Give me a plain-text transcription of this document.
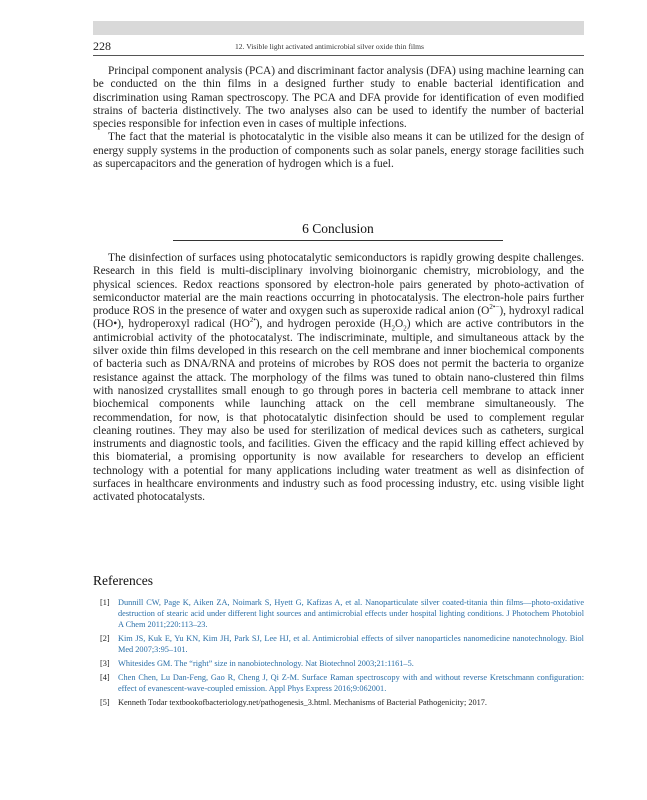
228	12. Visible light activated antimicrobial silver oxide thin films

Principal component analysis (PCA) and discriminant factor analysis (DFA) using machine learning can be conducted on the thin films in a designed further study to enable bacterial identification and discrimination using Raman spectroscopy. The PCA and DFA provide for identification of even modified strains of bacteria distinctively. The two analyses also can be used to identify the number of bacterial species responsible for infection even in cases of multiple infections.

The fact that the material is photocatalytic in the visible also means it can be utilized for the design of energy supply systems in the production of components such as solar panels, energy storage facilities such as supercapacitors and the generation of hydrogen which is a fuel.

6 Conclusion

The disinfection of surfaces using photocatalytic semiconductors is rapidly growing despite challenges. Research in this field is multi-disciplinary involving bioinorganic chemistry, microbiology, and the physical sciences. Redox reactions sponsored by electron-hole pairs generated by photo-activation of semiconductor material are the main reactions occurring in photocatalysis. The electron-hole pairs further produce ROS in the presence of water and oxygen such as superoxide radical anion $(O^{2•-})$, hydroxyl radical (HO•), hydroperoxyl radical $(HO^{2•})$, and hydrogen peroxide $(H_2O_2)$ which are active contributors in the antimicrobial activity of the photocatalyst. The indiscriminate, multiple, and simultaneous attack by the silver oxide thin films developed in this research on the cell membrane and inner biochemical components of bacteria such as DNA/RNA and proteins of microbes by ROS does not permit the bacteria to organize resistance against the attack. The morphology of the films was tuned to obtain nano-clustered thin films with nanosized crystallites small enough to go through pores in bacteria cell membrane to attack inner biochemical components while launching attack on the cell membrane simultaneously. The recommendation, for now, is that photocatalytic disinfection should be used to complement regular cleaning routines. They may also be used for sterilization of medical devices such as catheters, surgical instruments and diagnostic tools, and facilities. Given the efficacy and the rapid killing effect achieved by this biomaterial, a promising opportunity is now available for researchers to develop an efficient technology with a potential for many applications including water treatment as well as disinfection of surfaces in healthcare environments and industry such as food processing industry, etc. using visible light activated photocatalysts.

References
[1]	Dunnill CW, Page K, Aiken ZA, Noimark S, Hyett G, Kafizas A, et al. Nanoparticulate silver coated-titania thin films—photo-oxidative destruction of stearic acid under different light sources and antimicrobial effects under hospital lighting conditions. J Photochem Photobiol A Chem 2011;220:113–23.
[2]	Kim JS, Kuk E, Yu KN, Kim JH, Park SJ, Lee HJ, et al. Antimicrobial effects of silver nanoparticles nanomedicine nanotechnology. Biol Med 2007;3:95–101.
[3]	Whitesides GM. The “right” size in nanobiotechnology. Nat Biotechnol 2003;21:1161–5.
[4]	Chen Chen, Lu Dan-Feng, Gao R, Cheng J, Qi Z-M. Surface Raman spectroscopy with and without reverse Kretschmann configuration: effect of evanescent-wave-coupled emission. Appl Phys Express 2016;9:062001.
[5]	Kenneth Todar textbookofbacteriology.net/pathogenesis_3.html. Mechanisms of Bacterial Pathogenicity; 2017.
